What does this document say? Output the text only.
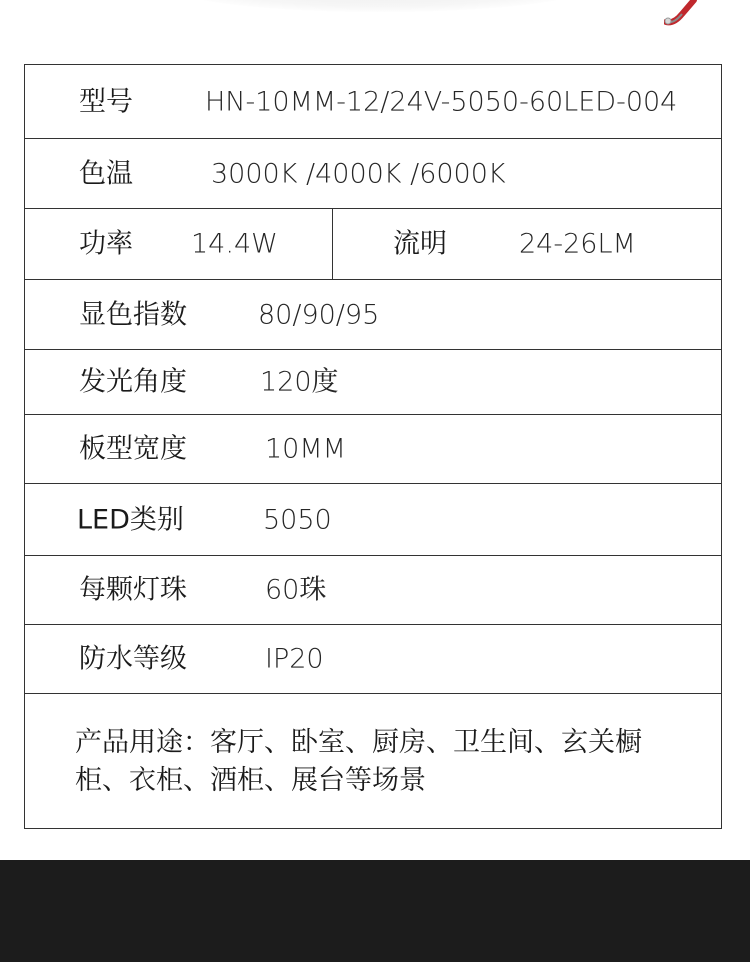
型号	HN-10MM-12/24V-5050-60LED-004
色温	3000K /4000K /6000K
功率 14.4W	流明	24-26LM
显色指数	80/90/95
发光角度	120度
板型宽度	10MM
LED类别	5050
每颗灯珠	60珠
防水等级	IP20
产品用途：客厅、卧室、厨房、卫生间、玄关橱柜、衣柜、酒柜、展台等场景
